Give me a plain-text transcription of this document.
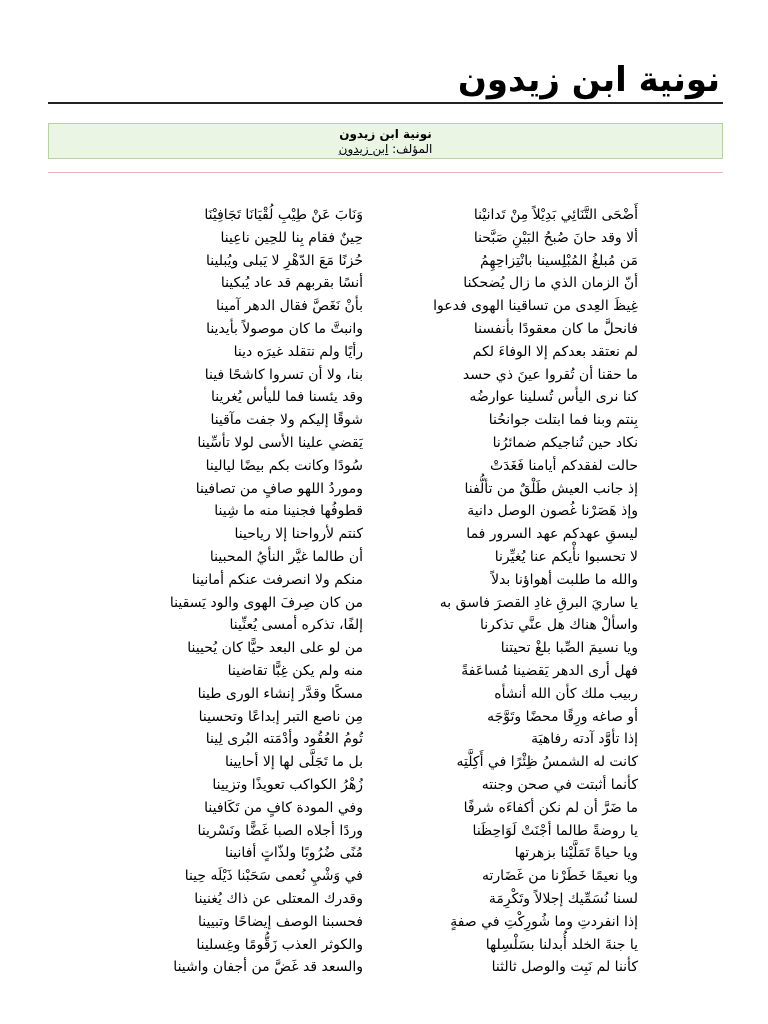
نونية ابن زيدون
نونية ابن زيدون
المؤلف: ابن زيدون
أَضْحَى التَّنَائِي بَدِيْلاً مِنْ تَدانيْنا
وَنَابَ عَنْ طِيْبِ لُقْيَانَا تَجَافِيْنَا
ألا وقد حانَ صُبحُ البَيْنِ صَبَّحنا
حِينٌ فقام بِنا للحِين ناعِينا
مَن مُبلغُ المُبْلِسينا بانْتِزاحِهِمُ
حُزنًا مَعَ الدّهْرِ لا يَبلى ويُبلينا
أنّ الزمان الذي ما زال يُضحكنا
أنسًا بقربهم قد عاد يُبكينا
غِيظَ العِدى من تساقينا الهوى فدعوا
بأنْ نَغَصَّ فقال الدهر آمينا
فانحلَّ ما كان معقودًا بأنفسنا
وانبتَّ ما كان موصولاً بأيدينا
لم نعتقد بعدكم إلا الوفاءَ لكم
رأيًا ولم نتقلد غيرَه دينا
ما حقنا أن تُقروا عينَ ذي حسد
بنا، ولا أن تسروا كاشحًا فينا
كنا نرى اليأس تُسلينا عوارضُه
وقد يئسنا فما لليأس يُغرينا
بِنتم وبنا فما ابتلت جوانحُنا
شوقًا إليكم ولا جفت مآقينا
نكاد حين تُناجيكم ضمائرُنا
يَقضي علينا الأسى لولا تأسِّينا
حالت لفقدكم أيامنا فَغَدَتْ
سُودًا وكانت بكم بيضًا ليالينا
إذ جانب العيش طَلْقٌ من تألُّفنا
وموردُ اللهو صافٍ من تصافينا
وإذ هَصَرْنا غُصون الوصل دانية
قطوفُها فجنينا منه ما شِينا
ليسقِ عهدكم عهد السرور فما
كنتم لأرواحنا إلا رياحينا
لا تحسبوا نأْيكم عنا يُغيِّرنا
أن طالما غيَّر النأيُ المحبينا
والله ما طلبت أهواؤنا بدلاً
منكم ولا انصرفت عنكم أمانينا
يا ساريَ البرقِ غادِ القصرَ فاسق به
من كان صِرفَ الهوى والود يَسقينا
واسألْ هناك هل عنَّي تذكرنا
إلفًا، تذكره أمسى يُعنِّينا
ويا نسيمَ الصِّبا بلغْ تحيتنا
من لو على البعد حيًّا كان يُحيينا
فهل أرى الدهر يَقضينا مُساعَفةً
منه ولم يكن غِبًّا تقاضينا
ربيب ملك كأن الله أنشأه
مسكًا وقدَّر إنشاء الورى طينا
أو صاغه ورِقًا محضًا وتَوَّجَه
مِن ناصع التبر إبداعًا وتحسينا
إذا تأوَّد آدته رفاهيَة
تُومُ العُقُود وأدْمَته البُرى لِينا
كانت له الشمسُ ظِئْرًا في أَكِلَّتِه
بل ما تَجَلَّى لها إلا أحايينا
كأنما أثبتت في صحن وجنته
زُهْرُ الكواكب تعويذًا وتزيينا
ما ضَرَّ أن لم نكن أكفاءَه شرفًا
وفي المودة كافٍ من تَكَافينا
يا روضةً طالما أجْنَتْ لَوَاحِظَنا
وردًا أجلاه الصبا غَضًّا ونَسْرينا
ويا حياةً تَمَلَّيْنا بزهرتها
مُنًى ضُرُوبًا ولذّاتٍ أفانينا
ويا نعيمًا خَطَرْنا من غَضَارته
في وَشْيِ نُعمى سَحَبْنا ذَيْلَه حِينا
لسنا نُسَمِّيك إجلالاً وتَكْرِمَة
وقدرك المعتلى عن ذاك يُغنينا
إذا انفردتِ وما شُورِكْتِ في صفةٍ
فحسبنا الوصف إيضاحًا وتبيينا
يا جنةَ الخلد أُبدلنا بسَلْسِلها
والكوثر العذب زَقُّومًا وغِسلينا
كأننا لم نَبِت والوصل ثالثنا
والسعد قد غَضَّ من أجفان واشينا
